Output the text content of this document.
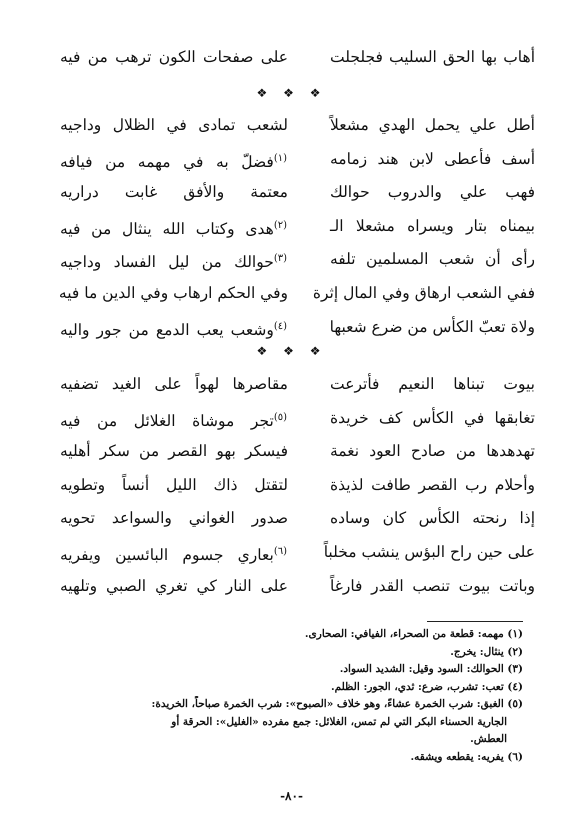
أهاب بها الحق السليب فجلجلت
على صفحات الكون ترهب من فيه
❖ ❖ ❖
أطل علي يحمل الهدي مشعلاً
لشعب تمادى في الظلال وداجيه
أسف فأعطى لابن هند زمامه
$^{(١)}$فضلّ به في مهمه من فيافه
فهب علي والدروب حوالك
معتمة والأفق غابت دراريه
بيمناه بتار ويسراه مشعلا الـ
$^{(٢)}$هدى وكتاب الله ينثال من فيه
رأى أن شعب المسلمين تلفه
$^{(٣)}$حوالك من ليل الفساد وداجيه
ففي الشعب ارهاق وفي المال إثرة
وفي الحكم ارهاب وفي الدين ما فيه
ولاة تعبّ الكأس من ضرع شعبها
$^{(٤)}$وشعب يعب الدمع من جور واليه
❖ ❖ ❖
بيوت تبناها النعيم فأترعت
مقاصرها لهواً على الغيد تضفيه
تغابقها في الكأس كف خريدة
$^{(٥)}$تجر موشاة الغلائل من فيه
تهدهدها من صادح العود نغمة
فيسكر بهو القصر من سكر أهليه
وأحلام رب القصر طافت لذيذة
لتقتل ذاك الليل أنساً وتطويه
إذا رنحته الكأس كان وساده
صدور الغواني والسواعد تحويه
على حين راح البؤس ينشب مخلباً
$^{(٦)}$بعاري جسوم البائسين ويفريه
وباتت بيوت تنصب القدر فارغاً
على النار كي تغري الصبي وتلهيه
(١) مهمه: قطعة من الصحراء، الفيافي: الصحارى.
(٢) ينثال: يخرج.
(٣) الحوالك: السود وقيل: الشديد السواد.
(٤) تعب: تشرب، ضرع: ثدي، الجور: الظلم.
(٥) الغبق: شرب الخمرة عشاءً، وهو خلاف «الصبوح»: شرب الخمرة صباحاً، الخريدة:
الجارية الحسناء البكر التي لم تمس، الغلائل: جمع مفرده «الغليل»: الحرقة أو
العطش.
(٦) يفريه: يقطعه ويشقه.
-٨٠-
